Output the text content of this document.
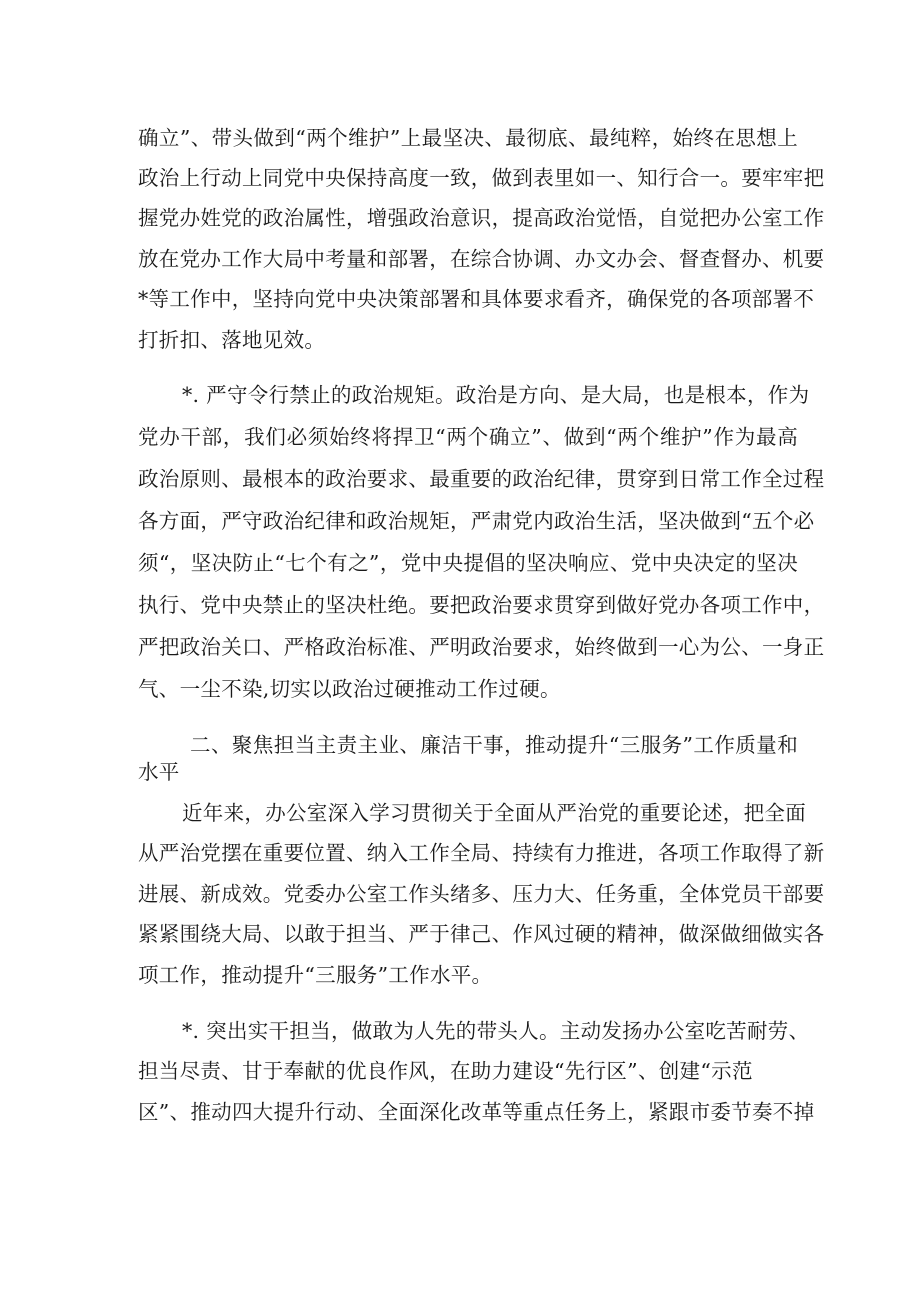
确立”、带头做到“两个维护”上最坚决、最彻底、最纯粹，始终在思想上
政治上行动上同党中央保持高度一致，做到表里如一、知行合一。要牢牢把
握党办姓党的政治属性，增强政治意识，提高政治觉悟，自觉把办公室工作
放在党办工作大局中考量和部署，在综合协调、办文办会、督查督办、机要
*等工作中，坚持向党中央决策部署和具体要求看齐，确保党的各项部署不
打折扣、落地见效。
*. 严守令行禁止的政治规矩。政治是方向、是大局，也是根本，作为
党办干部，我们必须始终将捍卫“两个确立”、做到“两个维护”作为最高
政治原则、最根本的政治要求、最重要的政治纪律，贯穿到日常工作全过程
各方面，严守政治纪律和政治规矩，严肃党内政治生活，坚决做到“五个必
须“，坚决防止“七个有之”，党中央提倡的坚决响应、党中央决定的坚决
执行、党中央禁止的坚决杜绝。要把政治要求贯穿到做好党办各项工作中，
严把政治关口、严格政治标准、严明政治要求，始终做到一心为公、一身正
气、一尘不染,切实以政治过硬推动工作过硬。
二、聚焦担当主责主业、廉洁干事，推动提升“三服务”工作质量和
水平
近年来，办公室深入学习贯彻关于全面从严治党的重要论述，把全面
从严治党摆在重要位置、纳入工作全局、持续有力推进，各项工作取得了新
进展、新成效。党委办公室工作头绪多、压力大、任务重，全体党员干部要
紧紧围绕大局、以敢于担当、严于律己、作风过硬的精神，做深做细做实各
项工作，推动提升“三服务”工作水平。
*. 突出实干担当，做敢为人先的带头人。主动发扬办公室吃苦耐劳、
担当尽责、甘于奉献的优良作风，在助力建设“先行区”、创建“示范
区”、推动四大提升行动、全面深化改革等重点任务上，紧跟市委节奏不掉
